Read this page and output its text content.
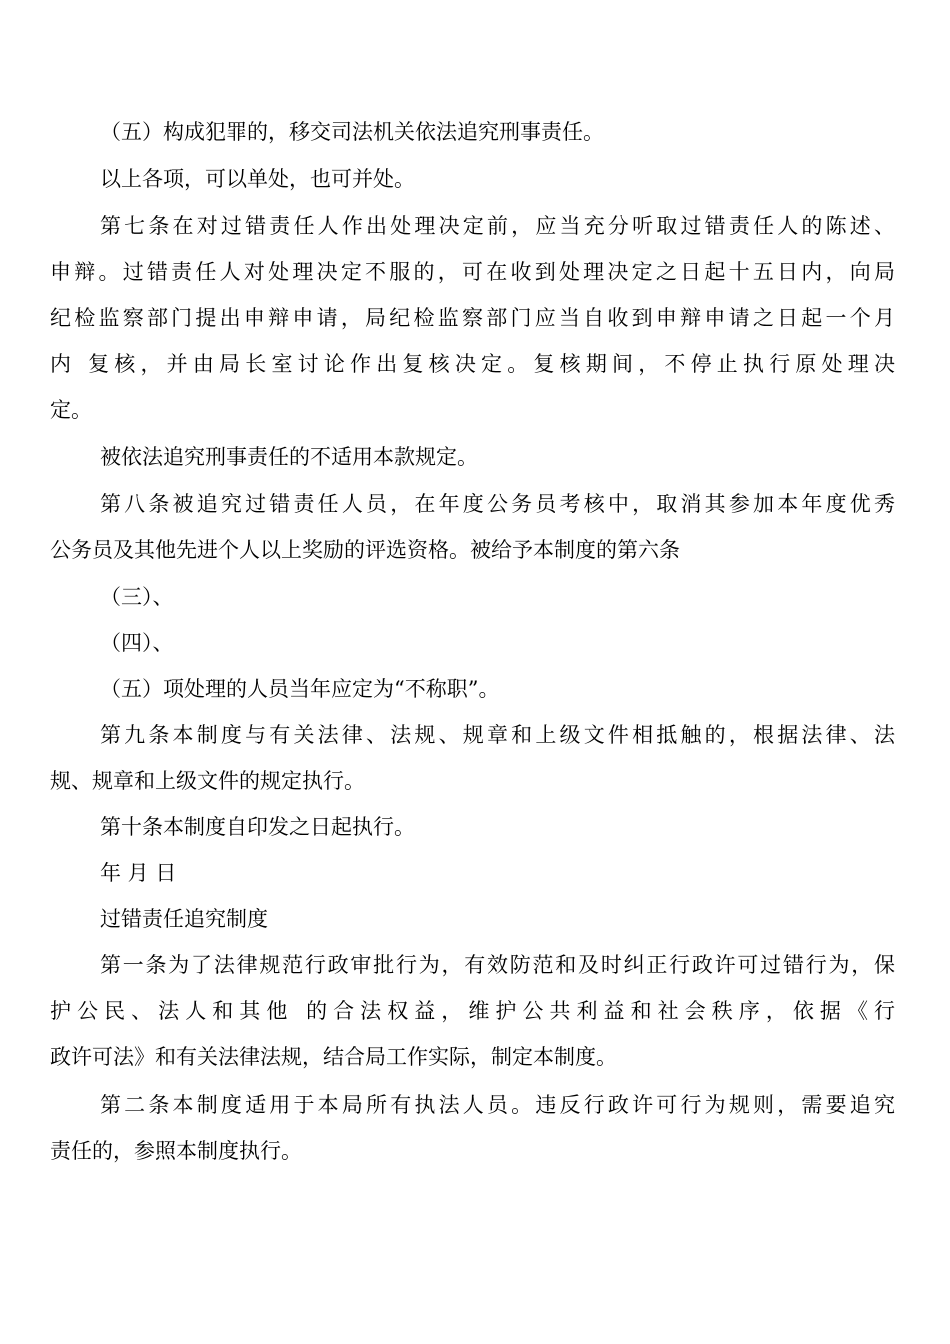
（五）构成犯罪的，移交司法机关依法追究刑事责任。
以上各项，可以单处，也可并处。
第七条在对过错责任人作出处理决定前，应当充分听取过错责任人的陈述、
申辩。过错责任人对处理决定不服的，可在收到处理决定之日起十五日内，向局
纪检监察部门提出申辩申请，局纪检监察部门应当自收到申辩申请之日起一个月
内 复核，并由局长室讨论作出复核决定。复核期间，不停止执行原处理决
定。
被依法追究刑事责任的不适用本款规定。
第八条被追究过错责任人员，在年度公务员考核中，取消其参加本年度优秀
公务员及其他先进个人以上奖励的评选资格。被给予本制度的第六条
（三）、
（四）、
（五）项处理的人员当年应定为“不称职”。
第九条本制度与有关法律、法规、规章和上级文件相抵触的，根据法律、法
规、规章和上级文件的规定执行。
第十条本制度自印发之日起执行。
年 月 日
过错责任追究制度
第一条为了法律规范行政审批行为，有效防范和及时纠正行政许可过错行为，保
护公民、法人和其他 的合法权益，维护公共利益和社会秩序，依据《行
政许可法》和有关法律法规，结合局工作实际，制定本制度。
第二条本制度适用于本局所有执法人员。违反行政许可行为规则，需要追究
责任的，参照本制度执行。
